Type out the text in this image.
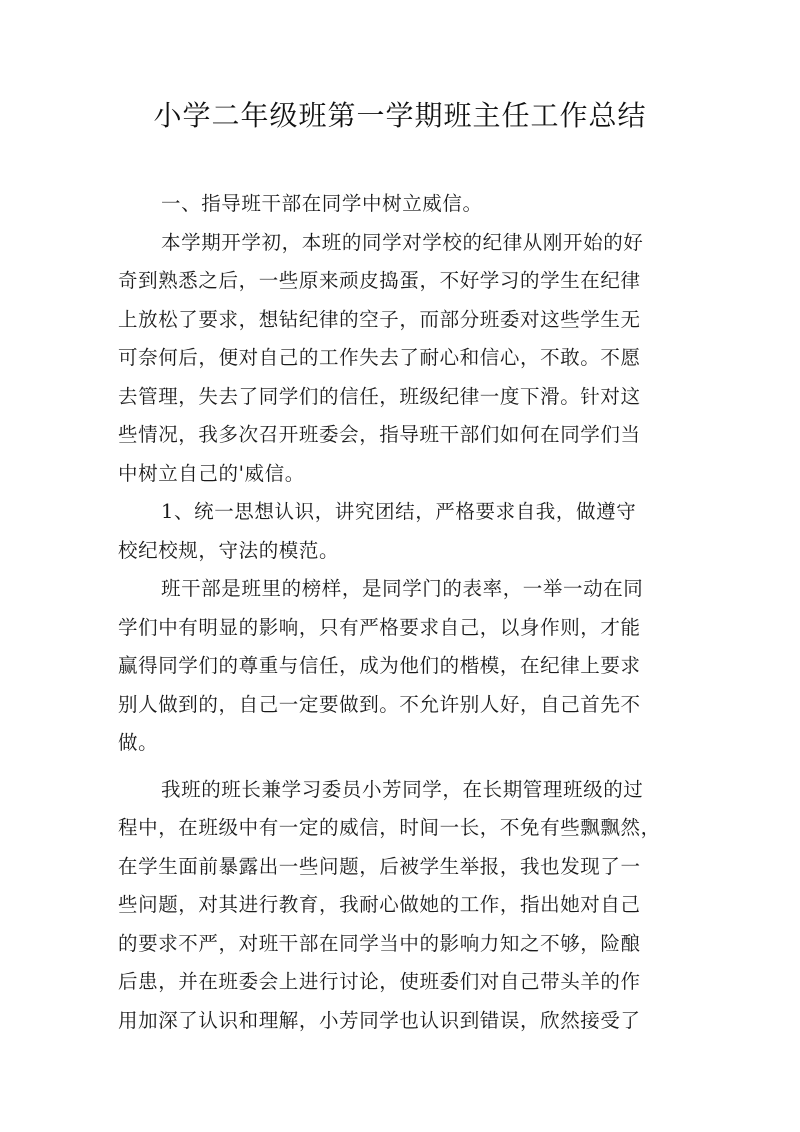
小学二年级班第一学期班主任工作总结
一、指导班干部在同学中树立威信。
本学期开学初，本班的同学对学校的纪律从刚开始的好
奇到熟悉之后，一些原来顽皮捣蛋，不好学习的学生在纪律
上放松了要求，想钻纪律的空子，而部分班委对这些学生无
可奈何后，便对自己的工作失去了耐心和信心，不敢。不愿
去管理，失去了同学们的信任，班级纪律一度下滑。针对这
些情况，我多次召开班委会，指导班干部们如何在同学们当
中树立自己的'威信。
1、统一思想认识，讲究团结，严格要求自我，做遵守
校纪校规，守法的模范。
班干部是班里的榜样，是同学门的表率，一举一动在同
学们中有明显的影响，只有严格要求自己，以身作则，才能
赢得同学们的尊重与信任，成为他们的楷模，在纪律上要求
别人做到的，自己一定要做到。不允许别人好，自己首先不
做。
我班的班长兼学习委员小芳同学，在长期管理班级的过
程中，在班级中有一定的威信，时间一长，不免有些飘飘然，
在学生面前暴露出一些问题，后被学生举报，我也发现了一
些问题，对其进行教育，我耐心做她的工作，指出她对自己
的要求不严，对班干部在同学当中的影响力知之不够，险酿
后患，并在班委会上进行讨论，使班委们对自己带头羊的作
用加深了认识和理解，小芳同学也认识到错误，欣然接受了
